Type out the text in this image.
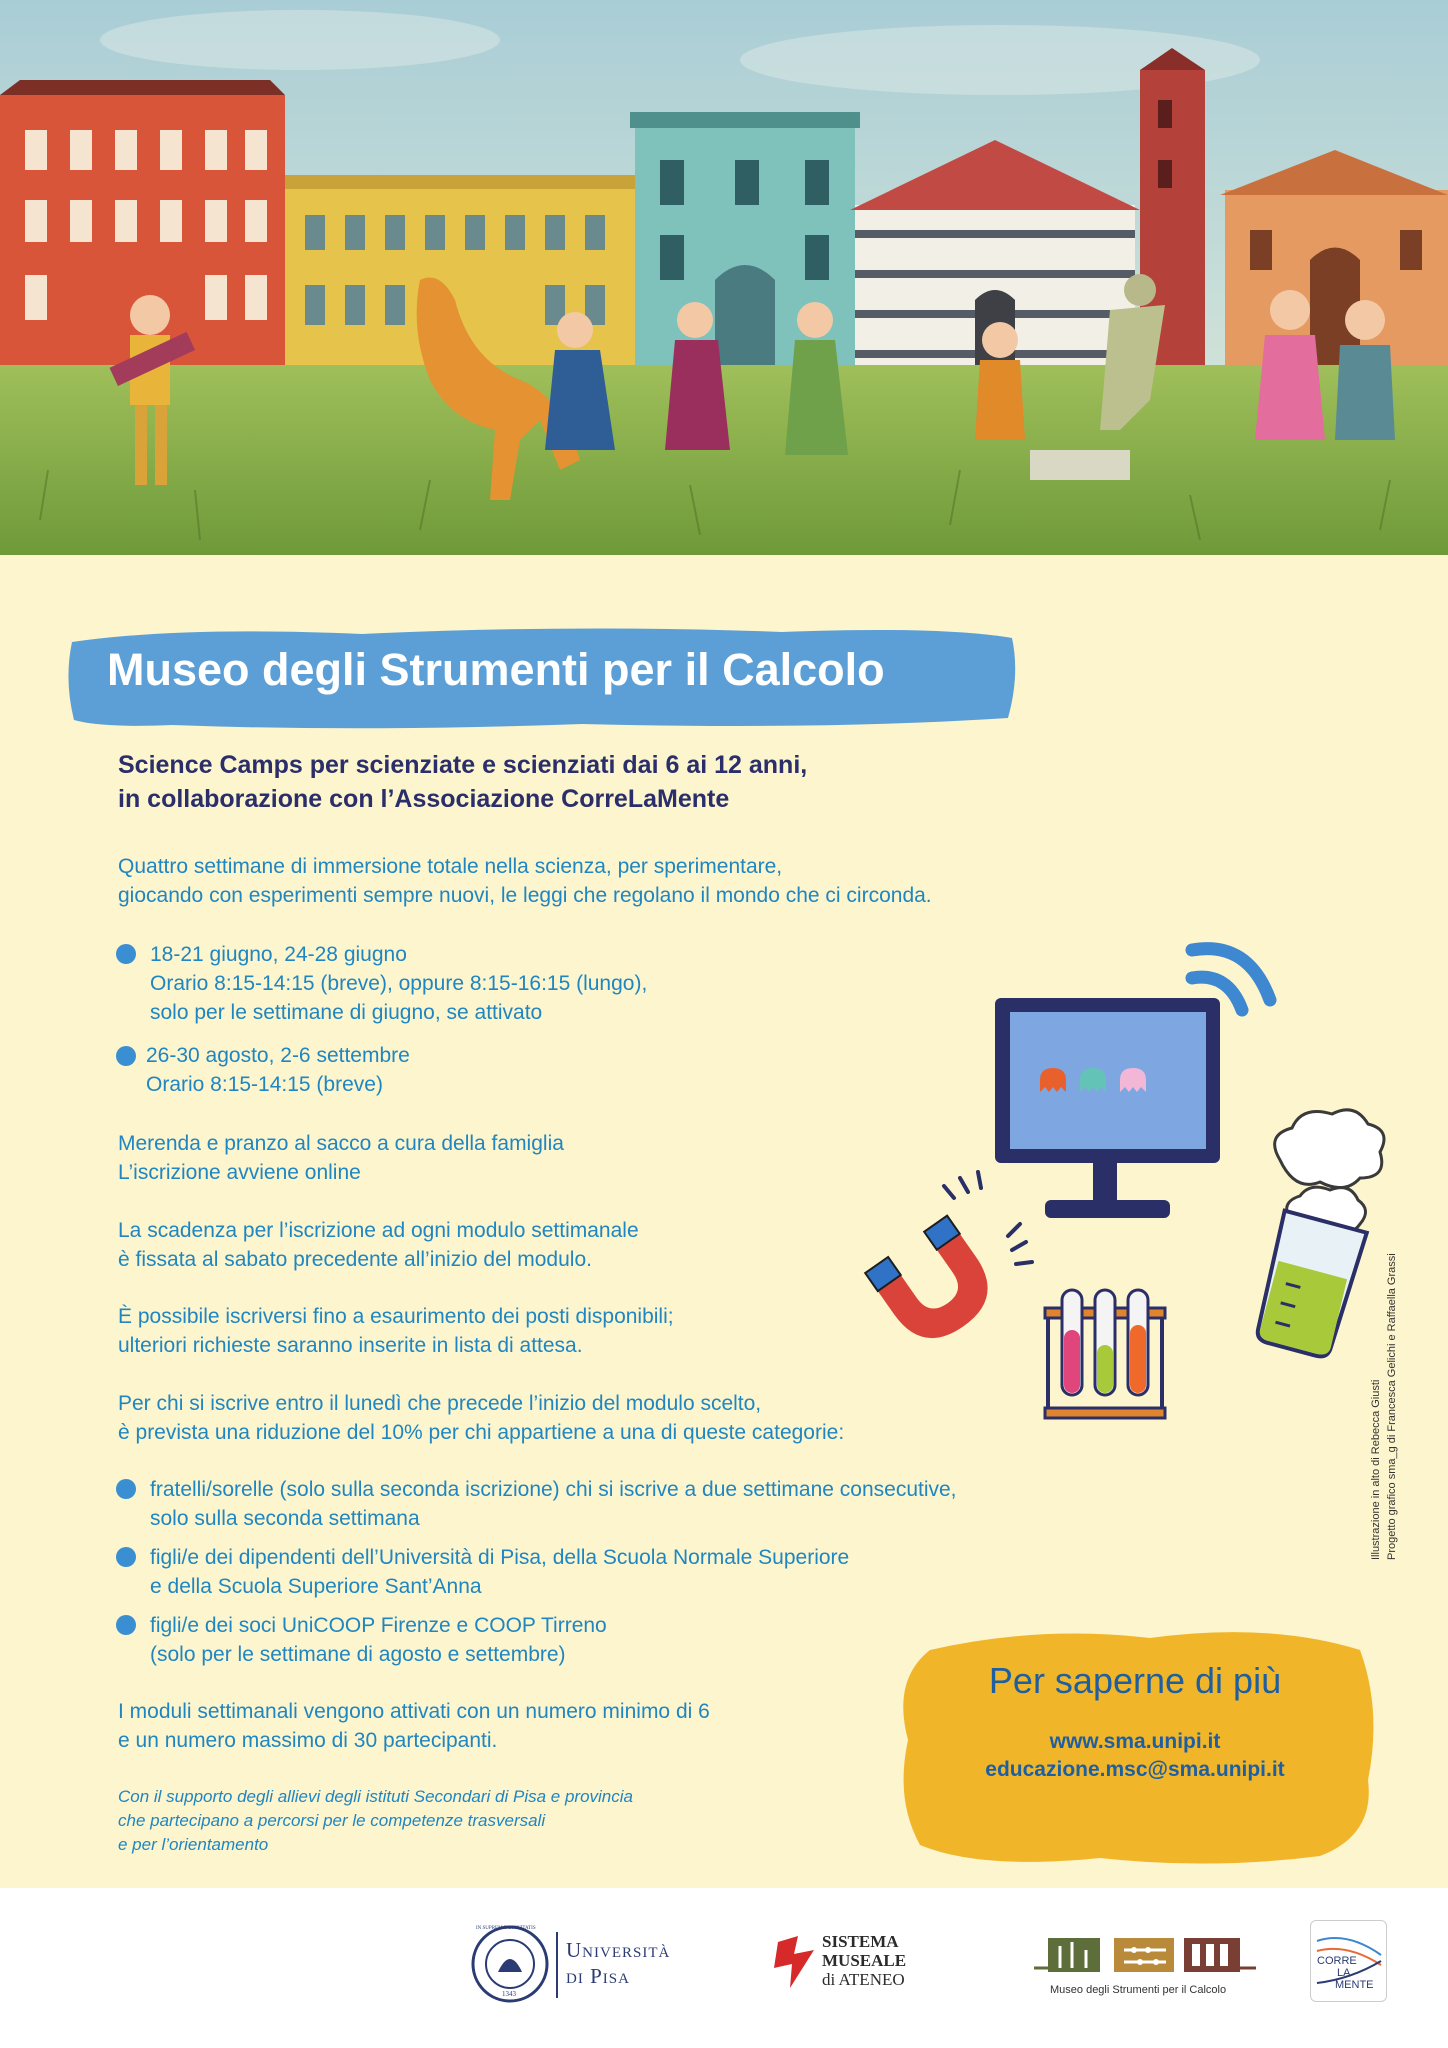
Museo degli Strumenti per il Calcolo
Science Camps per scienziate e scienziati dai 6 ai 12 anni,
in collaborazione con l’Associazione CorreLaMente
Quattro settimane di immersione totale nella scienza, per sperimentare,
giocando con esperimenti sempre nuovi, le leggi che regolano il mondo che ci circonda.
18-21 giugno, 24-28 giugno
Orario 8:15-14:15 (breve), oppure 8:15-16:15 (lungo),
solo per le settimane di giugno, se attivato
26-30 agosto, 2-6 settembre
Orario 8:15-14:15 (breve)
Merenda e pranzo al sacco a cura della famiglia
L’iscrizione avviene online
La scadenza per l’iscrizione ad ogni modulo settimanale
è fissata al sabato precedente all’inizio del modulo.
È possibile iscriversi fino a esaurimento dei posti disponibili;
ulteriori richieste saranno inserite in lista di attesa.
Per chi si iscrive entro il lunedì che precede l’inizio del modulo scelto,
è prevista una riduzione del 10% per chi appartiene a una di queste categorie:
fratelli/sorelle (solo sulla seconda iscrizione) chi si iscrive a due settimane consecutive,
solo sulla seconda settimana
figli/e dei dipendenti dell’Università di Pisa, della Scuola Normale Superiore
e della Scuola Superiore Sant’Anna
figli/e dei soci UniCOOP Firenze e COOP Tirreno
(solo per le settimane di agosto e settembre)
I moduli settimanali vengono attivati con un numero minimo di 6
e un numero massimo di 30 partecipanti.
Con il supporto degli allievi degli istituti Secondari di Pisa e provincia
che partecipano a percorsi per le competenze trasversali
e per l’orientamento
Illustrazione in alto di Rebecca Giusti Progetto grafico sma_g di Francesca Gelichi e Raffaella Grassi
Per saperne di più
www.sma.unipi.it
educazione.msc@sma.unipi.it
IN SUPREMÆ DIGNITATIS
1343
Università
di Pisa
SISTEMA
MUSEALE
di ATENEO
Museo degli Strumenti per il Calcolo
CORRE
LA
MENTE
